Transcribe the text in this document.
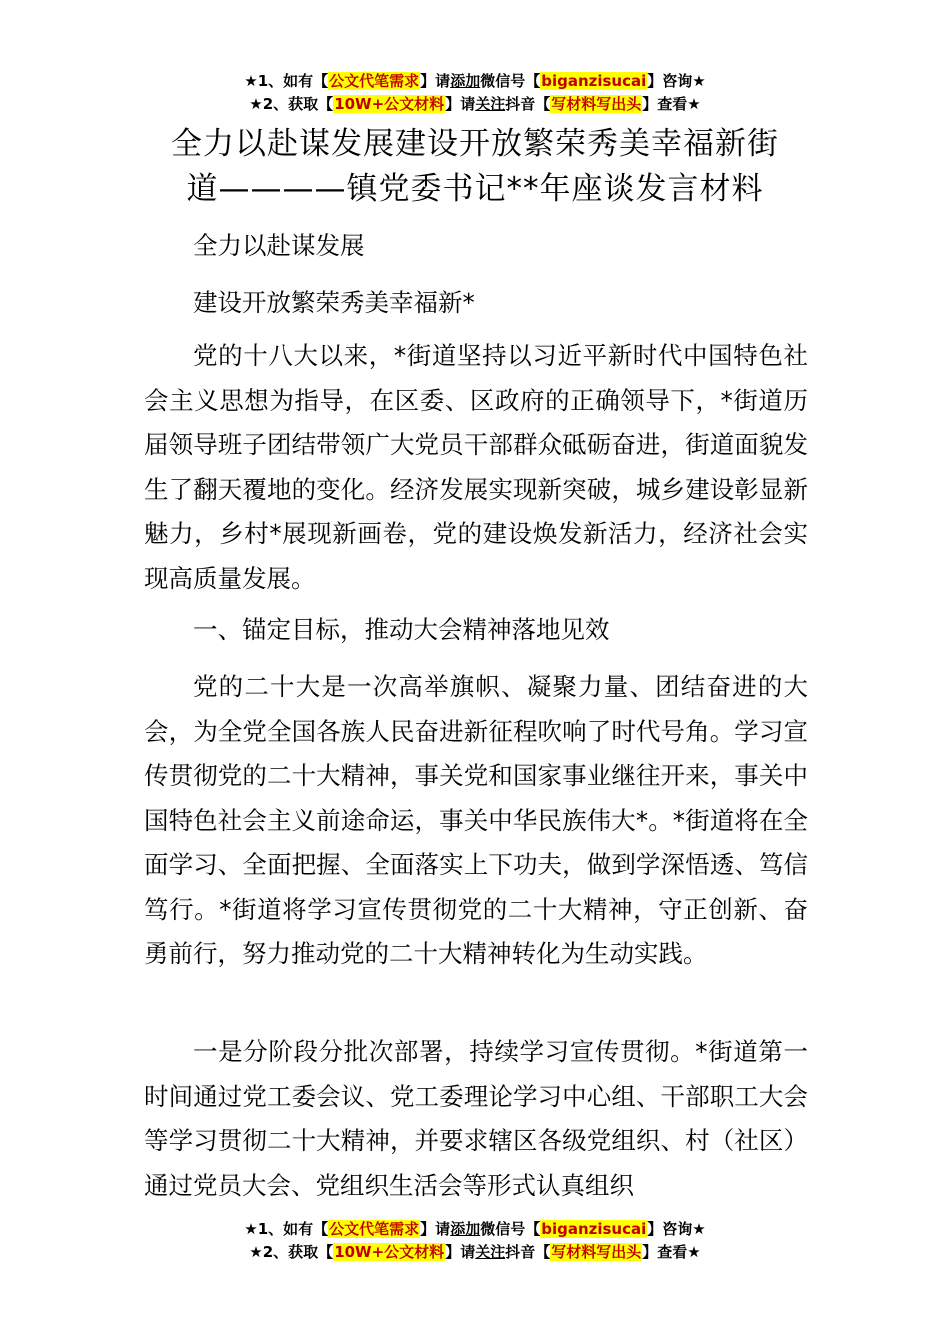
★1、如有【公文代笔需求】请添加微信号【biganzisucai】咨询★
★2、获取【10W+公文材料】请关注抖音【写材料写出头】查看★
全力以赴谋发展建设开放繁荣秀美幸福新街
道————镇党委书记**年座谈发言材料

全力以赴谋发展

建设开放繁荣秀美幸福新*

党的十八大以来，*街道坚持以习近平新时代中国特色社会主义思想为指导，在区委、区政府的正确领导下，*街道历届领导班子团结带领广大党员干部群众砥砺奋进，街道面貌发生了翻天覆地的变化。经济发展实现新突破，城乡建设彰显新魅力，乡村*展现新画卷，党的建设焕发新活力，经济社会实现高质量发展。

一、锚定目标，推动大会精神落地见效

党的二十大是一次高举旗帜、凝聚力量、团结奋进的大会，为全党全国各族人民奋进新征程吹响了时代号角。学习宣传贯彻党的二十大精神，事关党和国家事业继往开来，事关中国特色社会主义前途命运，事关中华民族伟大*。*街道将在全面学习、全面把握、全面落实上下功夫，做到学深悟透、笃信笃行。*街道将学习宣传贯彻党的二十大精神，守正创新、奋勇前行，努力推动党的二十大精神转化为生动实践。

一是分阶段分批次部署，持续学习宣传贯彻。*街道第一时间通过党工委会议、党工委理论学习中心组、干部职工大会等学习贯彻二十大精神，并要求辖区各级党组织、村（社区）通过党员大会、党组织生活会等形式认真组织

★1、如有【公文代笔需求】请添加微信号【biganzisucai】咨询★
★2、获取【10W+公文材料】请关注抖音【写材料写出头】查看★
